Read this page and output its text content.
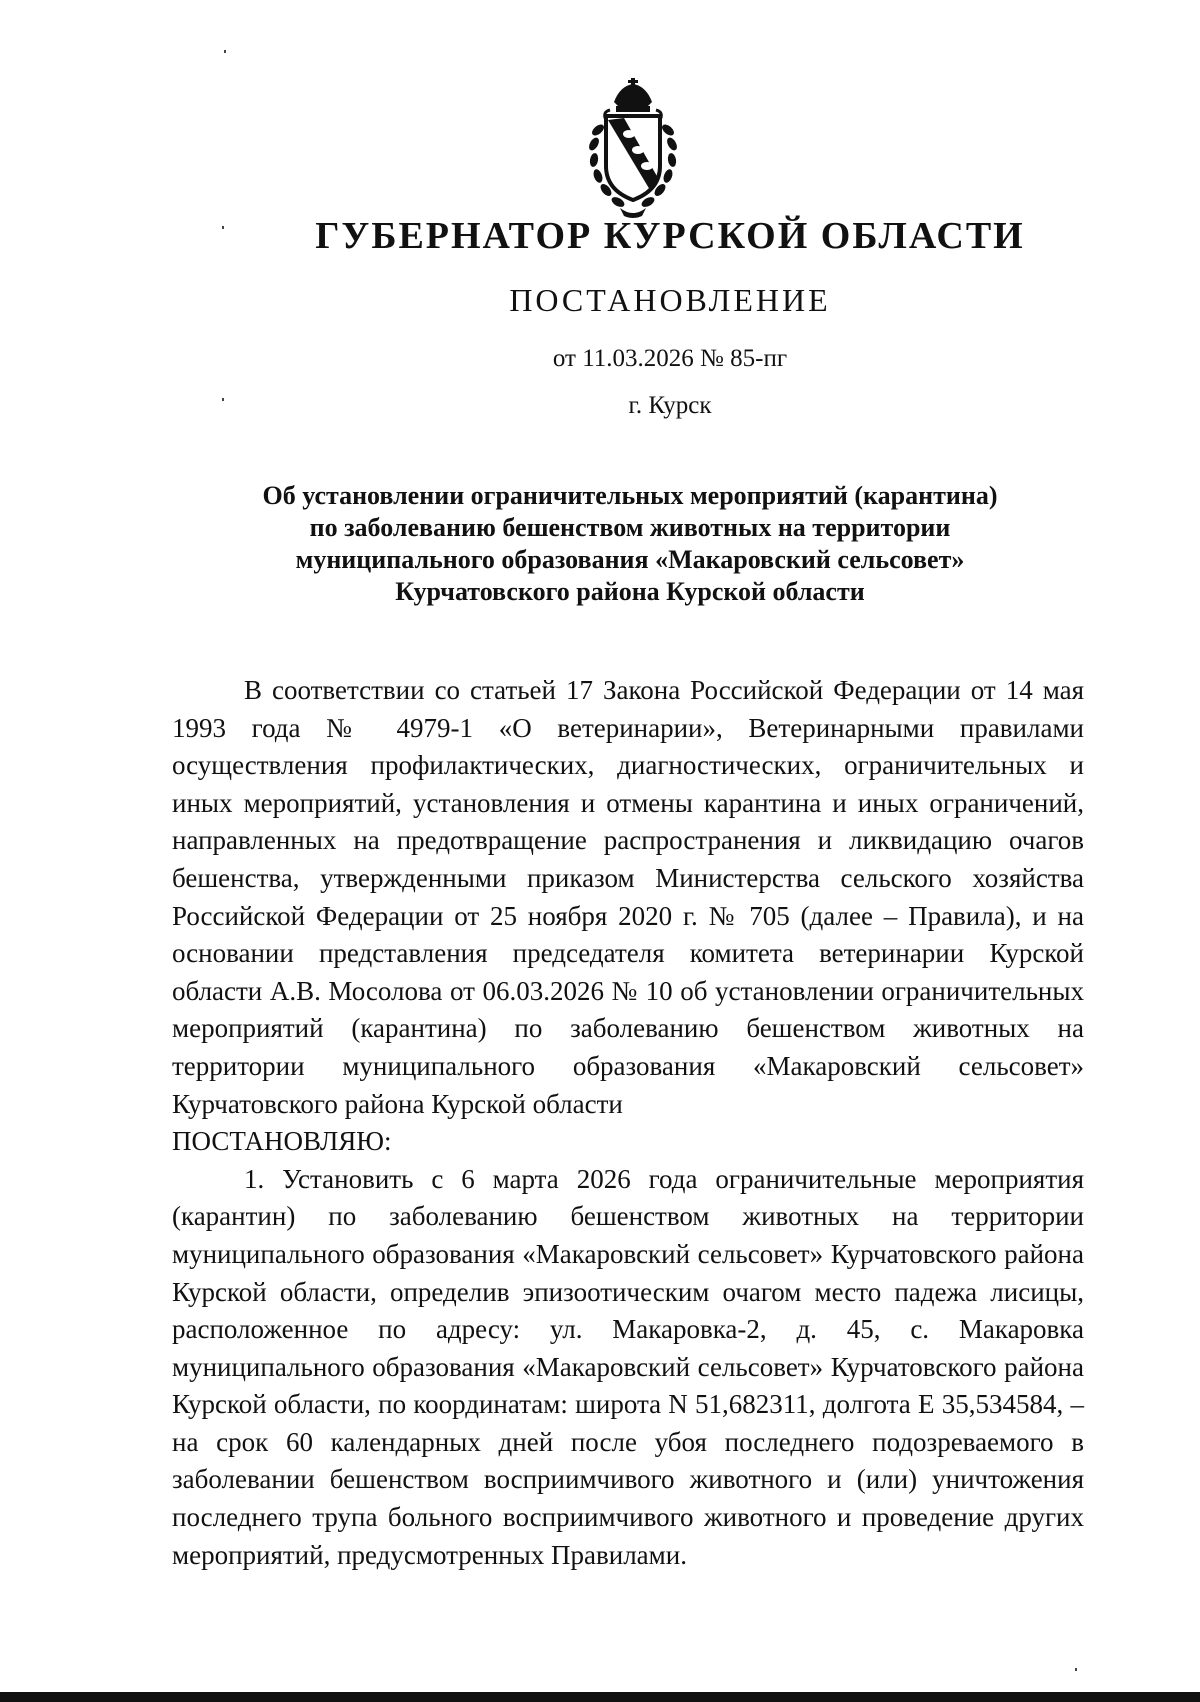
ГУБЕРНАТОР КУРСКОЙ ОБЛАСТИ
ПОСТАНОВЛЕНИЕ
от 11.03.2026 № 85-пг
г. Курск
Об установлении ограничительных мероприятий (карантина)
по заболеванию бешенством животных на территории
муниципального образования «Макаровский сельсовет»
Курчатовского района Курской области

В соответствии со статьей 17 Закона Российской Федерации от 14 мая 1993 года № 4979-1 «О ветеринарии», Ветеринарными правилами осуществления профилактических, диагностических, ограничительных и иных мероприятий, установления и отмены карантина и иных ограничений, направленных на предотвращение распространения и ликвидацию очагов бешенства, утвержденными приказом Министерства сельского хозяйства Российской Федерации от 25 ноября 2020 г. № 705 (далее – Правила), и на основании представления председателя комитета ветеринарии Курской области А.В. Мосолова от 06.03.2026 № 10 об установлении ограничительных мероприятий (карантина) по заболеванию бешенством животных на территории муниципального образования «Макаровский сельсовет» Курчатовского района Курской области

ПОСТАНОВЛЯЮ:

1. Установить с 6 марта 2026 года ограничительные мероприятия (карантин) по заболеванию бешенством животных на территории муниципального образования «Макаровский сельсовет» Курчатовского района Курской области, определив эпизоотическим очагом место падежа лисицы, расположенное по адресу: ул. Макаровка-2, д. 45, с. Макаровка муниципального образования «Макаровский сельсовет» Курчатовского района Курской области, по координатам: широта N 51,682311, долгота E 35,534584, – на срок 60 календарных дней после убоя последнего подозреваемого в заболевании бешенством восприимчивого животного и (или) уничтожения последнего трупа больного восприимчивого животного и проведение других мероприятий, предусмотренных Правилами.
